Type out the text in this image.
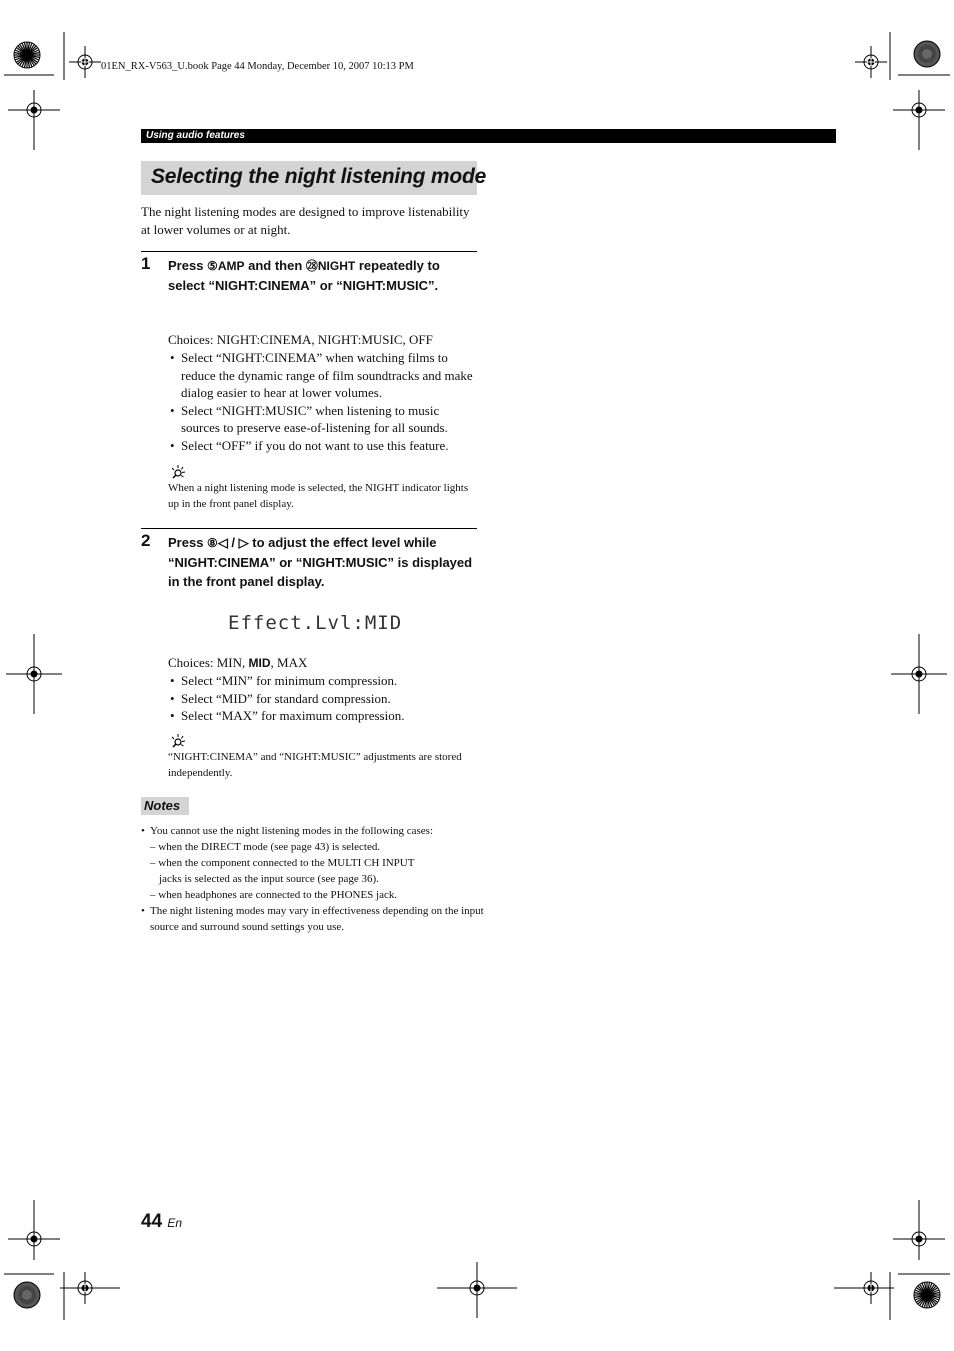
01EN_RX-V563_U.book Page 44 Monday, December 10, 2007 10:13 PM
Using audio features
Selecting the night listening mode
The night listening modes are designed to improve listenability at lower volumes or at night.
1 Press ⑤AMP and then ㉘NIGHT repeatedly to select “NIGHT:CINEMA” or “NIGHT:MUSIC”.
Choices: NIGHT:CINEMA, NIGHT:MUSIC, OFF
• Select “NIGHT:CINEMA” when watching films to reduce the dynamic range of film soundtracks and make dialog easier to hear at lower volumes.
• Select “NIGHT:MUSIC” when listening to music sources to preserve ease-of-listening for all sounds.
• Select “OFF” if you do not want to use this feature.
When a night listening mode is selected, the NIGHT indicator lights up in the front panel display.
2 Press ⑧◁ / ▷ to adjust the effect level while “NIGHT:CINEMA” or “NIGHT:MUSIC” is displayed in the front panel display.
Effect.Lvl:MID
Choices: MIN, MID, MAX
• Select “MIN” for minimum compression.
• Select “MID” for standard compression.
• Select “MAX” for maximum compression.
“NIGHT:CINEMA” and “NIGHT:MUSIC” adjustments are stored independently.
Notes
• You cannot use the night listening modes in the following cases:
– when the DIRECT mode (see page 43) is selected.
– when the component connected to the MULTI CH INPUT
jacks is selected as the input source (see page 36).
– when headphones are connected to the PHONES jack.
• The night listening modes may vary in effectiveness depending on the input source and surround sound settings you use.
44 En
